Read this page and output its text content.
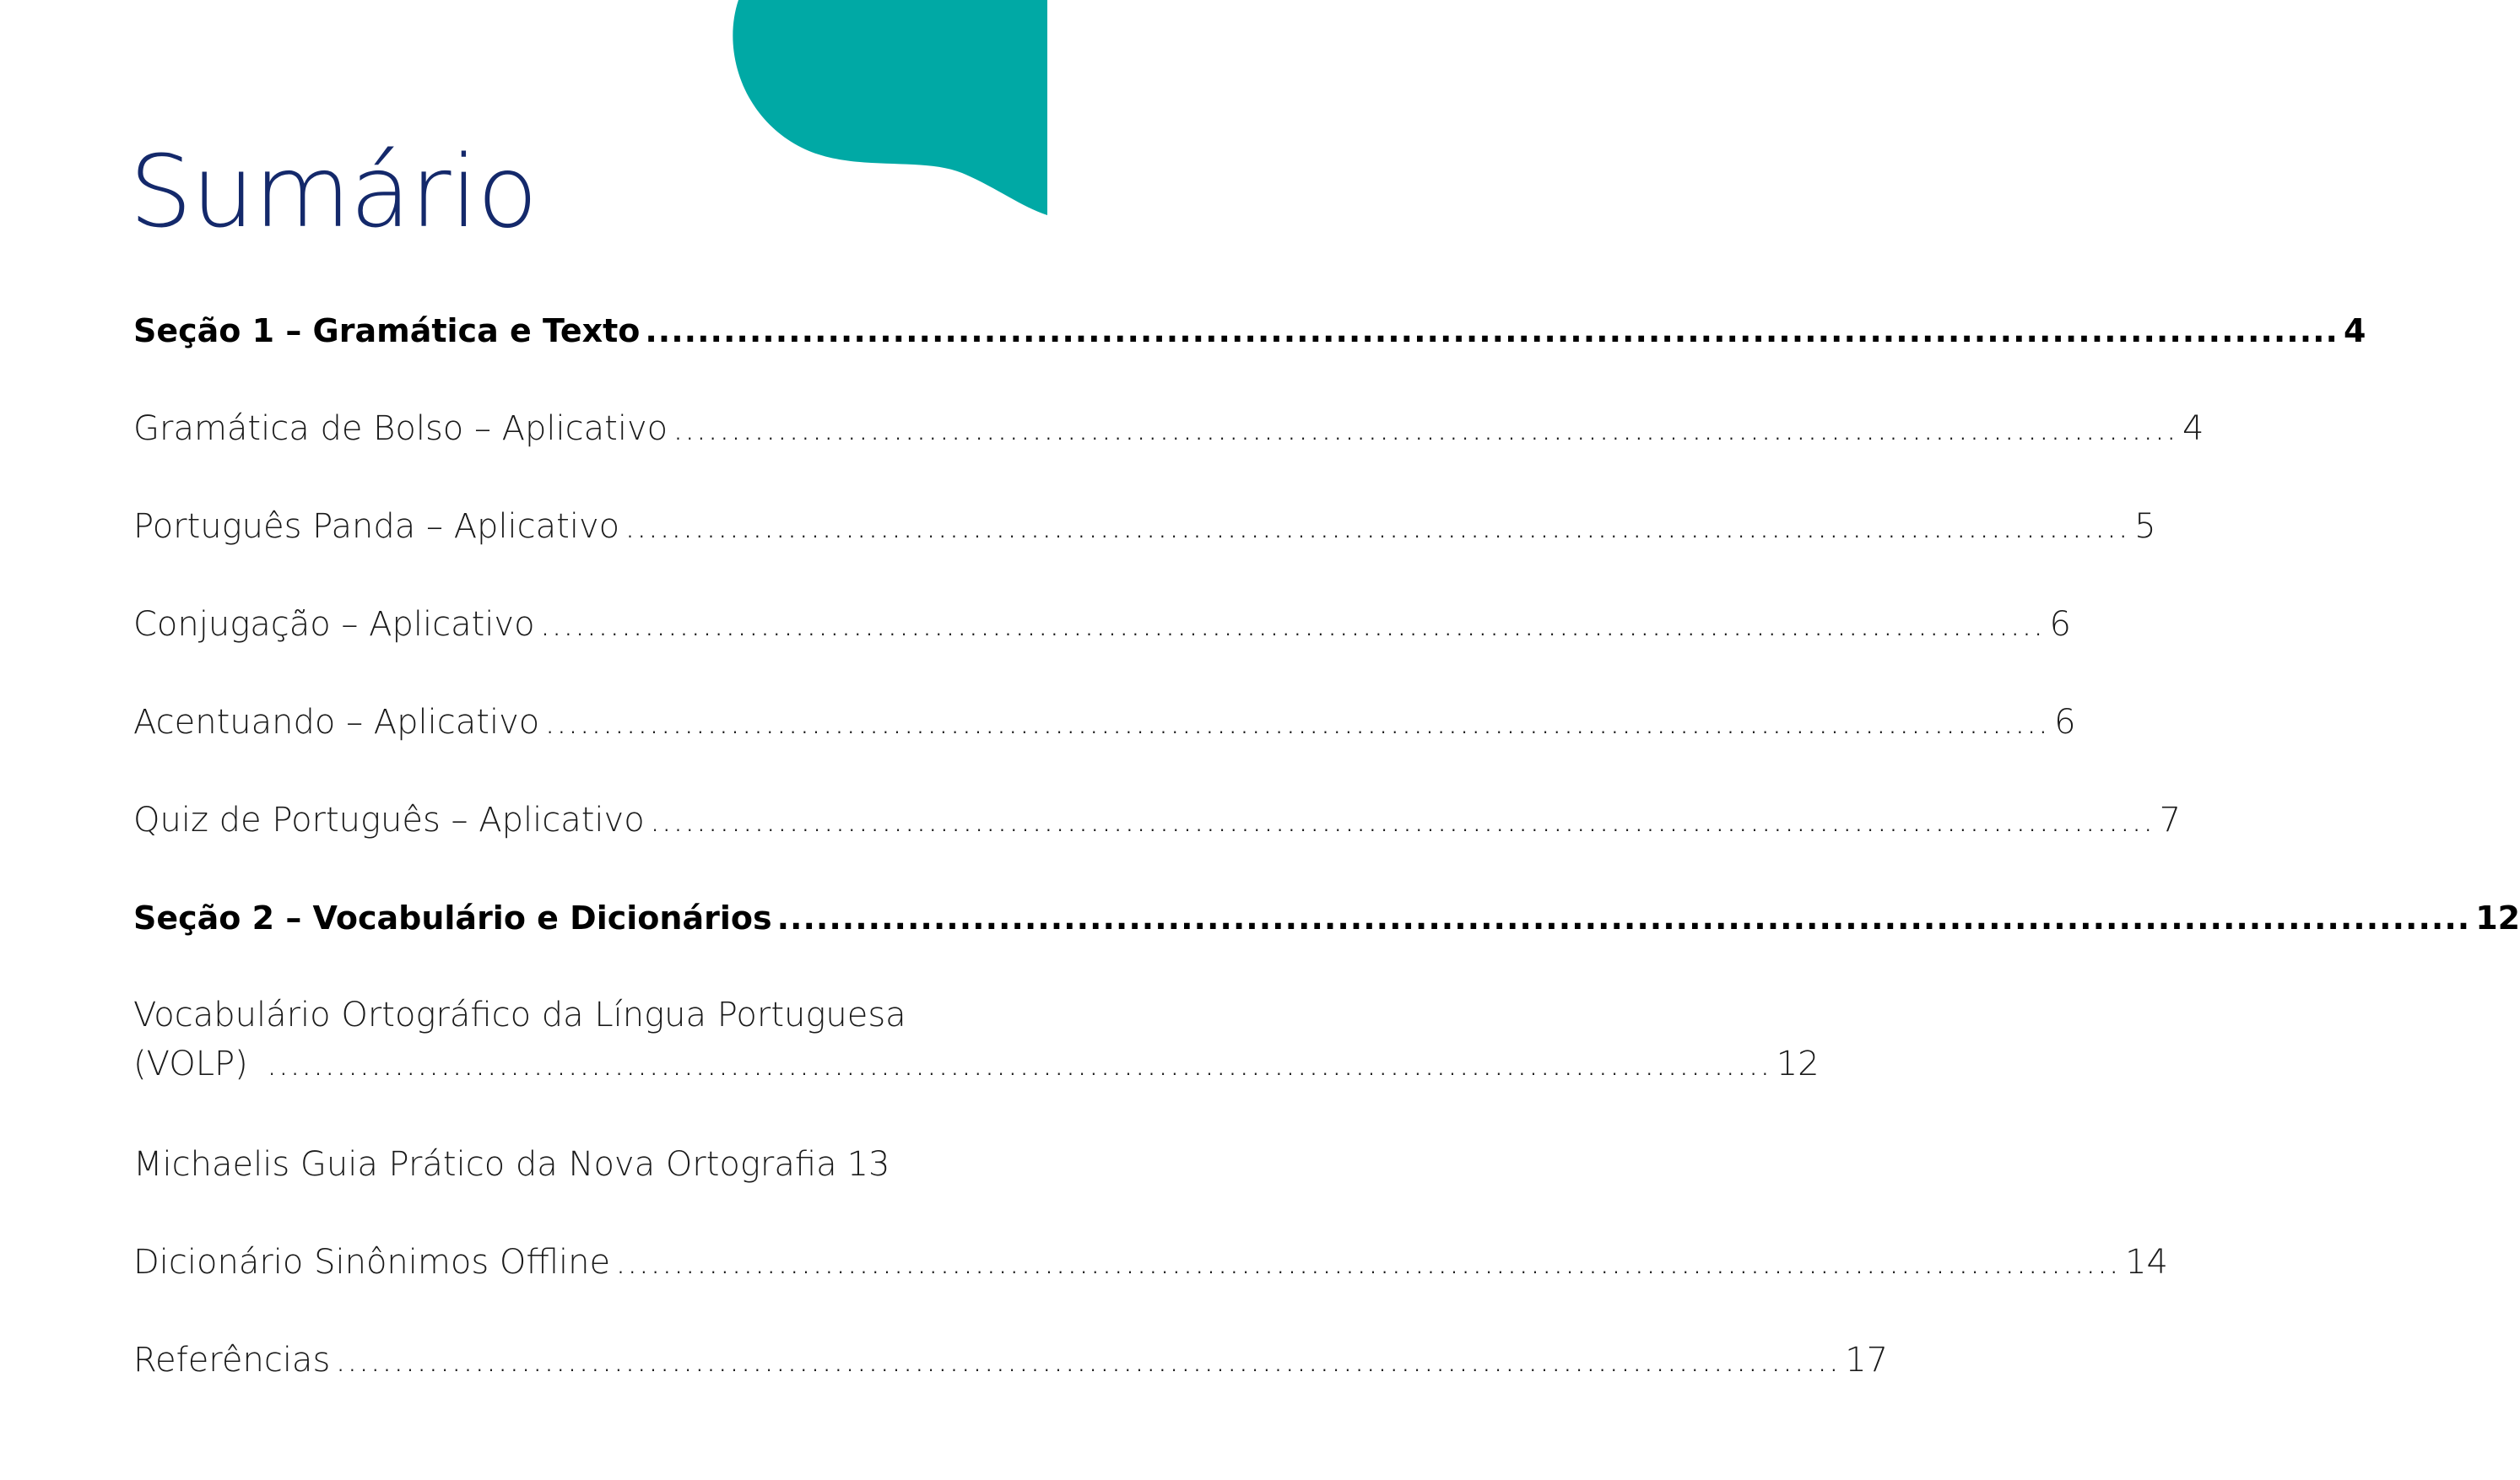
Sumário
Seção 1 – Gramática e Texto .................................................................................................................................. 4
Gramática de Bolso – Aplicativo .................................................................................................................................. 4
Português Panda – Aplicativo .................................................................................................................................. 5
Conjugação – Aplicativo .................................................................................................................................. 6
Acentuando – Aplicativo .................................................................................................................................. 6
Quiz de Português – Aplicativo .................................................................................................................................. 7
Seção 2 – Vocabulário e Dicionários .................................................................................................................................. 12
Vocabulário Ortográfico da Língua Portuguesa
(VOLP) .................................................................................................................................. 12
Michaelis Guia Prático da Nova Ortografia 13
Dicionário Sinônimos Offline .................................................................................................................................. 14
Referências .................................................................................................................................. 17
